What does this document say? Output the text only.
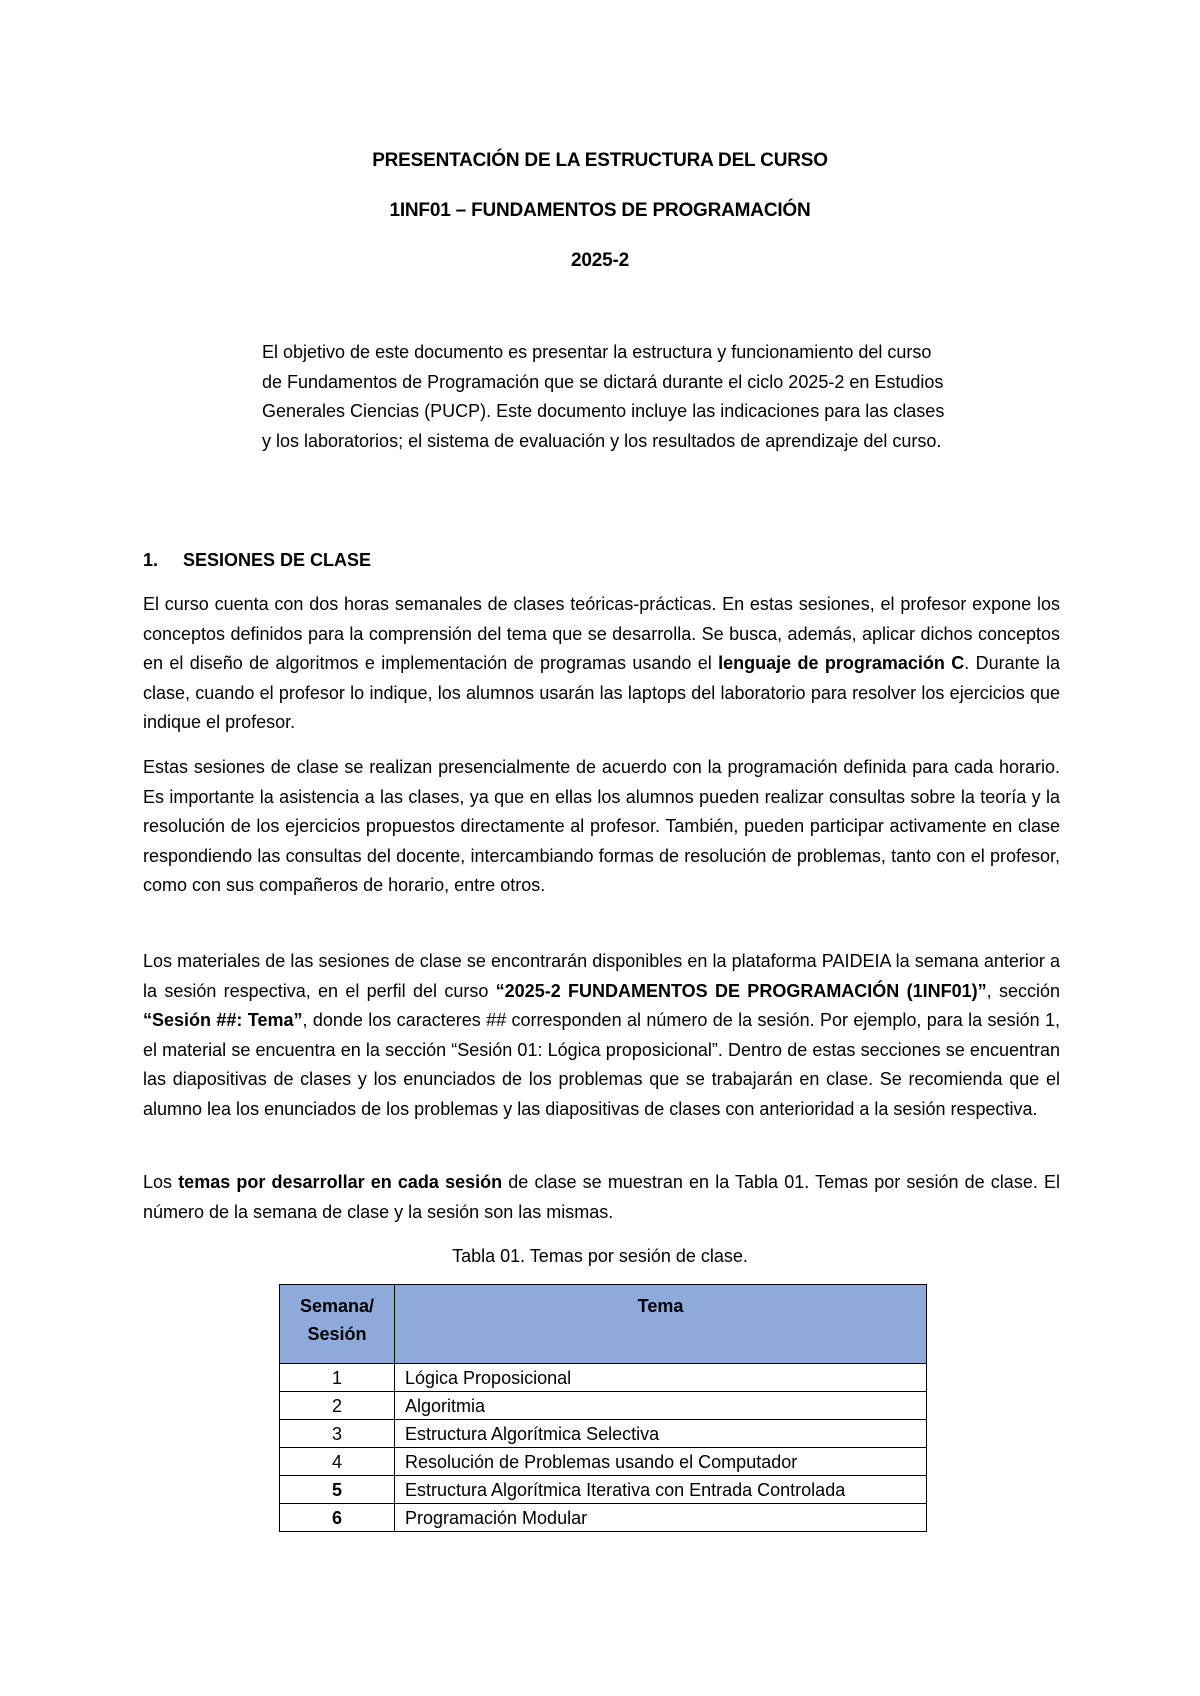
PRESENTACIÓN DE LA ESTRUCTURA DEL CURSO
1INF01 – FUNDAMENTOS DE PROGRAMACIÓN
2025-2
El objetivo de este documento es presentar la estructura y funcionamiento del curso de Fundamentos de Programación que se dictará durante el ciclo 2025-2 en Estudios Generales Ciencias (PUCP). Este documento incluye las indicaciones para las clases y los laboratorios; el sistema de evaluación y los resultados de aprendizaje del curso.
1. SESIONES DE CLASE
El curso cuenta con dos horas semanales de clases teóricas-prácticas. En estas sesiones, el profesor expone los conceptos definidos para la comprensión del tema que se desarrolla. Se busca, además, aplicar dichos conceptos en el diseño de algoritmos e implementación de programas usando el lenguaje de programación C. Durante la clase, cuando el profesor lo indique, los alumnos usarán las laptops del laboratorio para resolver los ejercicios que indique el profesor.
Estas sesiones de clase se realizan presencialmente de acuerdo con la programación definida para cada horario. Es importante la asistencia a las clases, ya que en ellas los alumnos pueden realizar consultas sobre la teoría y la resolución de los ejercicios propuestos directamente al profesor. También, pueden participar activamente en clase respondiendo las consultas del docente, intercambiando formas de resolución de problemas, tanto con el profesor, como con sus compañeros de horario, entre otros.
Los materiales de las sesiones de clase se encontrarán disponibles en la plataforma PAIDEIA la semana anterior a la sesión respectiva, en el perfil del curso “2025-2 FUNDAMENTOS DE PROGRAMACIÓN (1INF01)”, sección “Sesión ##: Tema”, donde los caracteres ## corresponden al número de la sesión. Por ejemplo, para la sesión 1, el material se encuentra en la sección “Sesión 01: Lógica proposicional”. Dentro de estas secciones se encuentran las diapositivas de clases y los enunciados de los problemas que se trabajarán en clase. Se recomienda que el alumno lea los enunciados de los problemas y las diapositivas de clases con anterioridad a la sesión respectiva.
Los temas por desarrollar en cada sesión de clase se muestran en la Tabla 01. Temas por sesión de clase. El número de la semana de clase y la sesión son las mismas.
Tabla 01. Temas por sesión de clase.
Semana/
Sesión	Tema
1	Lógica Proposicional
2	Algoritmia
3	Estructura Algorítmica Selectiva
4	Resolución de Problemas usando el Computador
5	Estructura Algorítmica Iterativa con Entrada Controlada
6	Programación Modular
